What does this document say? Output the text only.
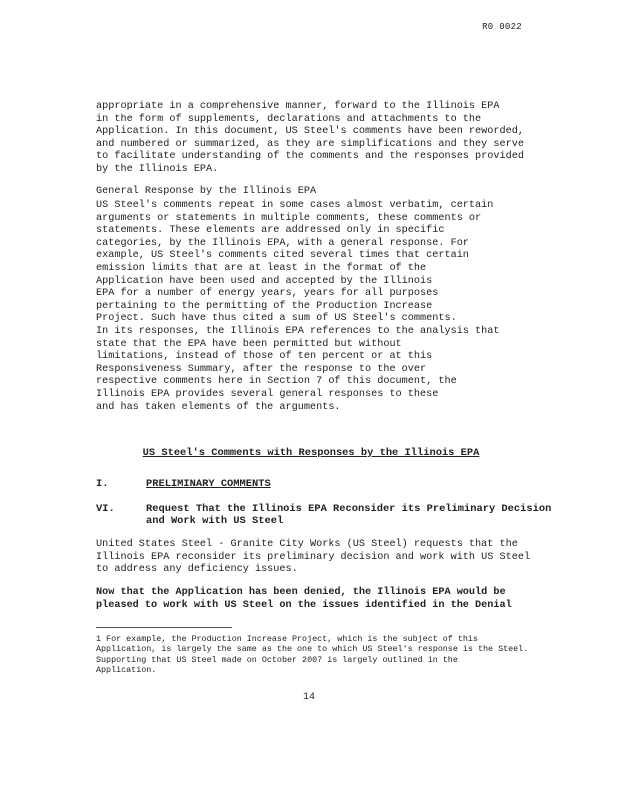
R0 0022

appropriate in a comprehensive manner, forward to the Illinois EPA

in the form of supplements, declarations and attachments to the

Application. In this document, US Steel's comments have been reworded,

and numbered or summarized, as they are simplifications and they serve

to facilitate understanding of the comments and the responses provided

by the Illinois EPA.

General Response by the Illinois EPA

US Steel's comments repeat in some cases almost verbatim, certain

arguments or statements in multiple comments, these comments or

statements. These elements are addressed only in specific

categories, by the Illinois EPA, with a general response. For

example, US Steel's comments cited several times that certain

emission limits that are at least in the format of the

Application have been used and accepted by the Illinois

EPA for a number of energy years, years for all purposes

pertaining to the permitting of the Production Increase

Project. Such have thus cited a sum of US Steel's comments.

In its responses, the Illinois EPA references to the analysis that

state that the EPA have been permitted but without

limitations, instead of those of ten percent or at this

Responsiveness Summary, after the response to the over

respective comments here in Section 7 of this document, the

Illinois EPA provides several general responses to these

and has taken elements of the arguments.

US Steel's Comments with Responses by the Illinois EPA
I.	PRELIMINARY COMMENTS
VI.	Request That the Illinois EPA Reconsider its Preliminary Decision
and Work with US Steel

United States Steel - Granite City Works (US Steel) requests that the

Illinois EPA reconsider its preliminary decision and work with US Steel

to address any deficiency issues.

Now that the Application has been denied, the Illinois EPA would be

pleased to work with US Steel on the issues identified in the Denial

1 For example, the Production Increase Project, which is the subject of this

Application, is largely the same as the one to which US Steel's response is the Steel.

Supporting that US Steel made on October 2007 is largely outlined in the

Application.

14
